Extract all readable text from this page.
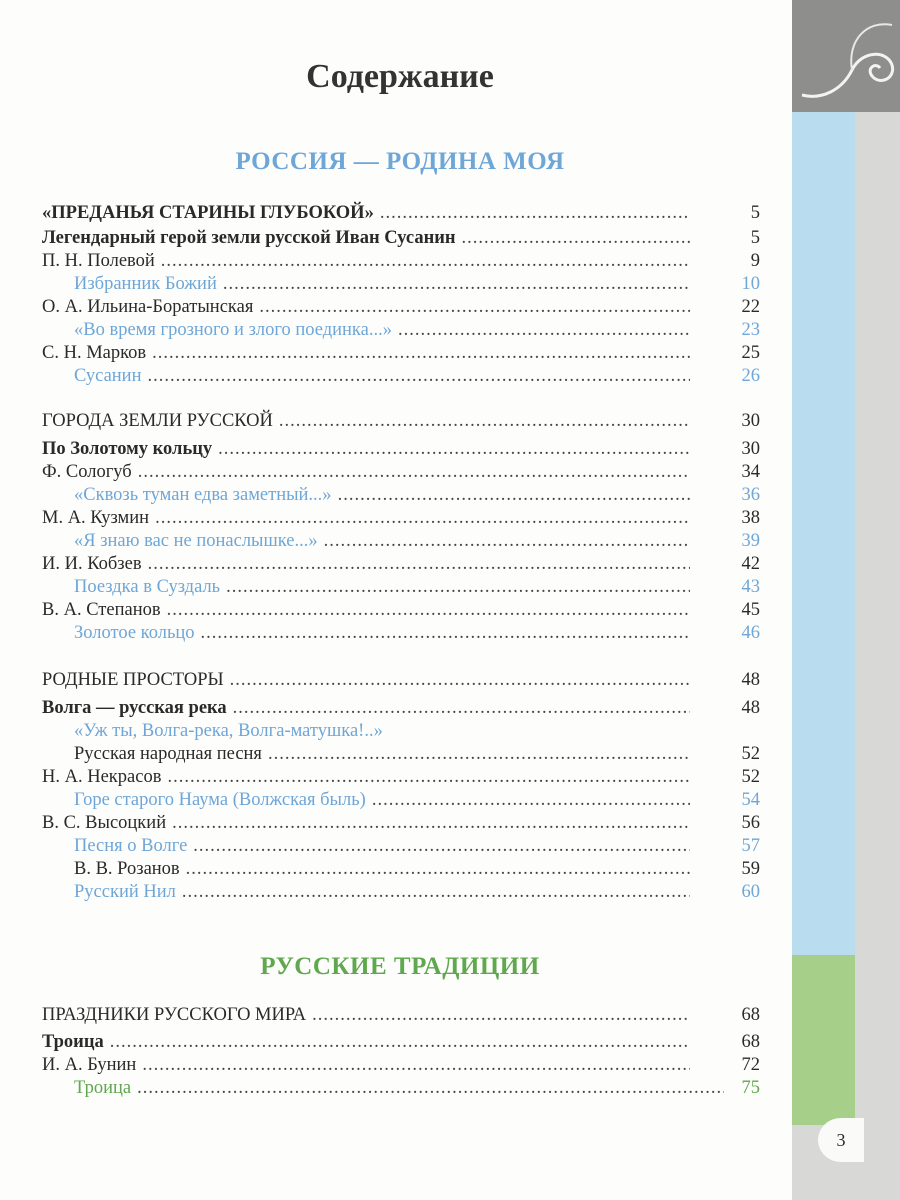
3
Содержание
РОССИЯ — РОДИНА МОЯ
РУССКИЕ ТРАДИЦИИ
«ПРЕДАНЬЯ СТАРИНЫ ГЛУБОКОЙ» .....	5
Легендарный герой земли русской Иван Сусанин .....	5
П. Н. Полевой .....	9
Избранник Божий .....	10
О. А. Ильина-Боратынская .....	22
«Во время грозного и злого поединка...» .....	23
С. Н. Марков .....	25
Сусанин .....	26
ГОРОДА ЗЕМЛИ РУССКОЙ .....	30
По Золотому кольцу .....	30
Ф. Сологуб .....	34
«Сквозь туман едва заметный...» .....	36
М. А. Кузмин .....	38
«Я знаю вас не понаслышке...» .....	39
И. И. Кобзев .....	42
Поездка в Суздаль .....	43
В. А. Степанов .....	45
Золотое кольцо .....	46
РОДНЫЕ ПРОСТОРЫ .....	48
Волга — русская река .....	48
«Уж ты, Волга-река, Волга-матушка!..»
Русская народная песня .....	52
Н. А. Некрасов .....	52
Горе старого Наума (Волжская быль) .....	54
В. С. Высоцкий .....	56
Песня о Волге .....	57
В. В. Розанов .....	59
Русский Нил .....	60
ПРАЗДНИКИ РУССКОГО МИРА .....	68
Троица .....	68
И. А. Бунин .....	72
Троица .....	75
